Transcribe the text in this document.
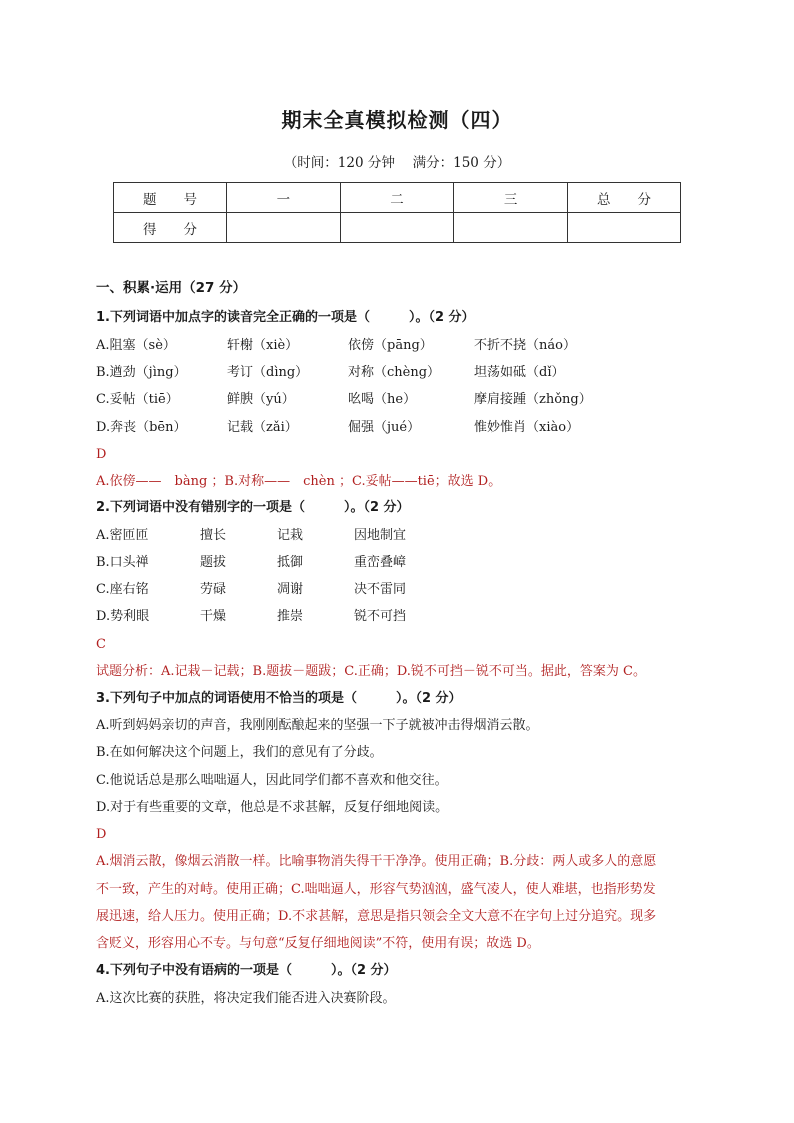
期末全真模拟检测（四）
（时间：120 分钟　 满分：150 分）
题　　号	一	二	三	总　　分
得　　分				
一、积累·运用（27 分）
1.下列词语中加点字的读音完全正确的一项是（　　　）。（2 分）
A.阻塞（sè）	轩榭（xiè）	依傍（pāng）	不折不挠（náo）
B.遒劲（jìng）	考订（dìng）	对称（chèng）	坦荡如砥（dǐ）
C.妥帖（tiē）	鲜腴（yú）	吆喝（he）	摩肩接踵（zhǒng）
D.奔丧（bēn）	记载（zǎi）	倔强（jué）	惟妙惟肖（xiào）
D
A.依傍——　bàng ；B.对称——　chèn ；C.妥帖——tiē；故选 D。
2.下列词语中没有错别字的一项是（　　　）。（2 分）
A.密匝匝	擅长	记栽	因地制宜
B.口头禅	题拔	抵御	重峦叠嶂
C.座右铭	劳碌	凋谢	决不雷同
D.势利眼	干燥	推崇	锐不可挡
C
试题分析：A.记栽－记载；B.题拔－题跋；C.正确；D.锐不可挡－锐不可当。据此，答案为 C。
3.下列句子中加点的词语使用不恰当的项是（　　　）。（2 分）
A.听到妈妈亲切的声音，我刚刚酝酿起来的坚强一下子就被冲击得烟消云散。
B.在如何解决这个问题上，我们的意见有了分歧。
C.他说话总是那么咄咄逼人，因此同学们都不喜欢和他交往。
D.对于有些重要的文章，他总是不求甚解，反复仔细地阅读。
D
A.烟消云散，像烟云消散一样。比喻事物消失得干干净净。使用正确；B.分歧：两人或多人的意愿
不一致，产生的对峙。使用正确；C.咄咄逼人，形容气势汹汹，盛气凌人，使人难堪，也指形势发
展迅速，给人压力。使用正确；D.不求甚解，意思是指只领会全文大意不在字句上过分追究。现多
含贬义，形容用心不专。与句意“反复仔细地阅读”不符，使用有误；故选 D。
4.下列句子中没有语病的一项是（　　　）。（2 分）
A.这次比赛的获胜，将决定我们能否进入决赛阶段。
